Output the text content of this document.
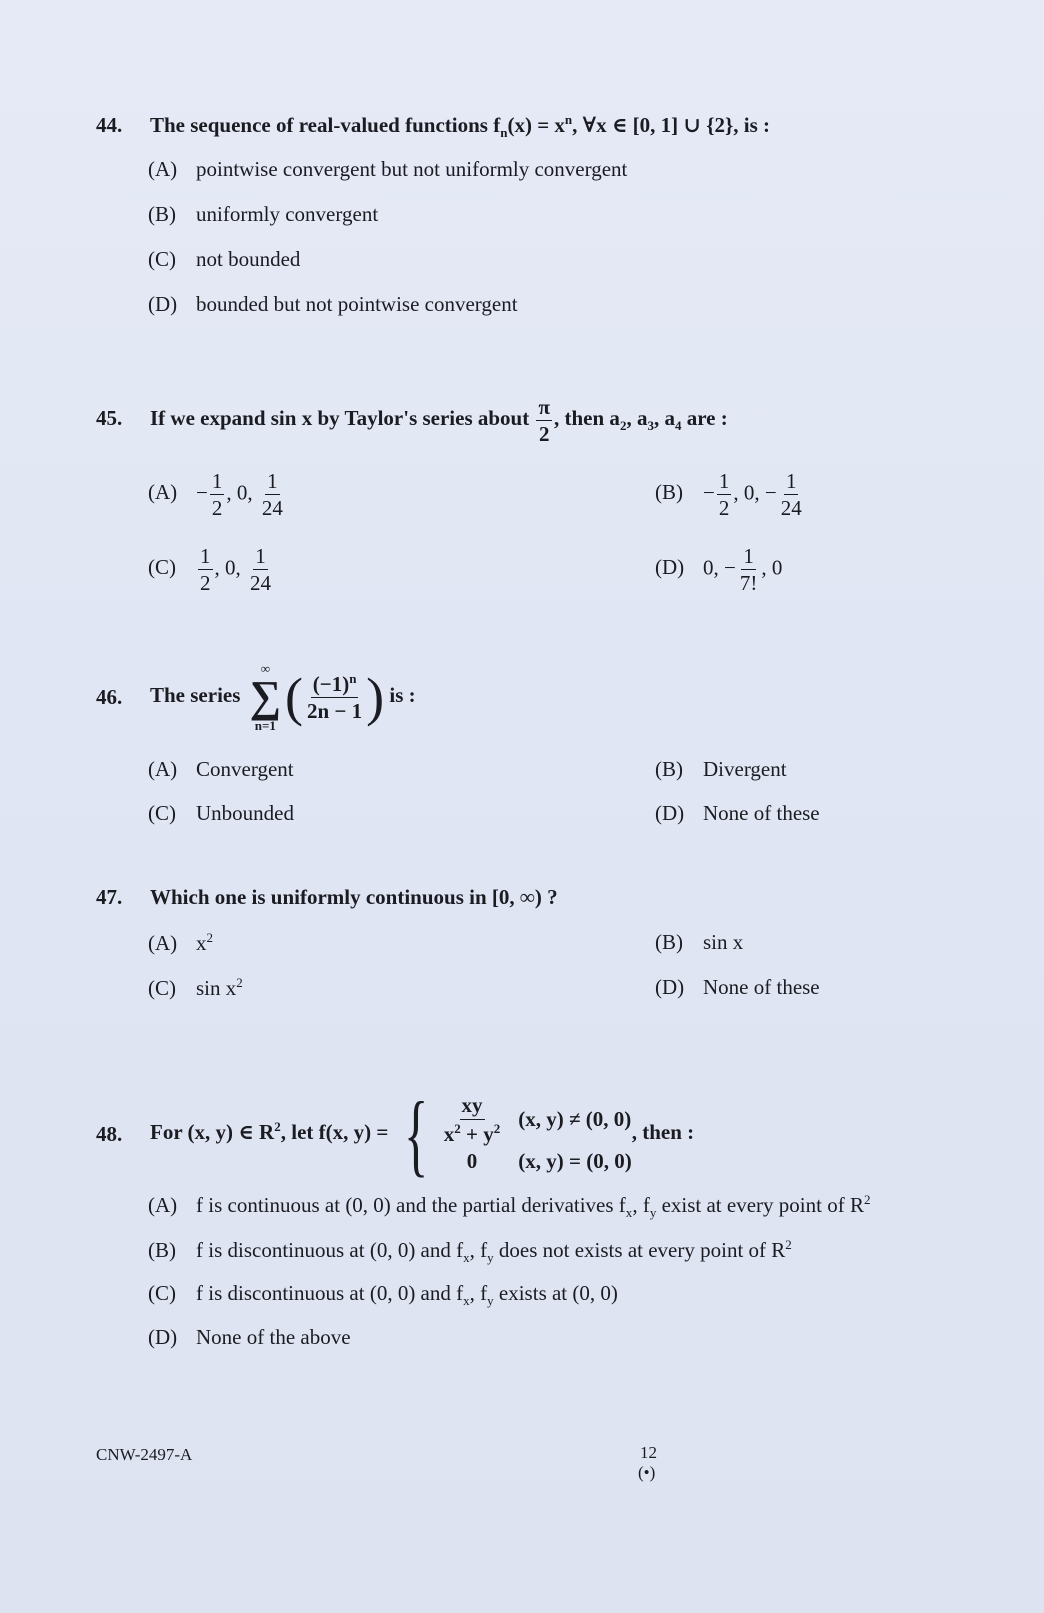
44. The sequence of real-valued functions $f_n(x) = x^n$, ∀x ∈ [0, 1] ∪ {2}, is :
(A) pointwise convergent but not uniformly convergent
(B) uniformly convergent
(C) not bounded
(D) bounded but not pointwise convergent
45. If we expand sin x by Taylor's series about $\frac{\pi}{2}$ , then $a_2$, $a_3$, $a_4$ are :
$(A) - \frac{1}{2}$ , 0, $\frac{1}{24}$	$(B) - \frac{1}{2}$ , 0, − $\frac{1}{24}$
$(C) \frac{1}{2}$ , 0, $\frac{1}{24}$	(D) 0, − $\frac{1}{7!}$ , 0
46. The series
∞
∑
n=1 ( $\frac{(-1)^n}{2n - 1}$ ) is :
(A) Convergent	(B) Divergent
(C) Unbounded	(D) None of these
47. Which one is uniformly continuous in [0, ∞) ?
(A) $x^2$	(B) sin x
(C) $\sin x^2$	(D) None of these
48. For (x, y) ∈ $R^2$, let f(x, y) = { $\frac{xy}{x^2 + y^2} (x$, y) ≠ (0, 0)
0	(x, y) = (0, 0)
, then :
(A) f is continuous at (0, 0) and the partial derivatives $f_x$, $f_y$ exist at every point of $R^2$
(B) f is discontinuous at (0, 0) and $f_x$, $f_y$ does not exists at every point of $R^2$
(C) f is discontinuous at (0, 0) and $f_x$, $f_y$ exists at (0, 0)
(D) None of the above
CNW-2497-A	12
(•)
